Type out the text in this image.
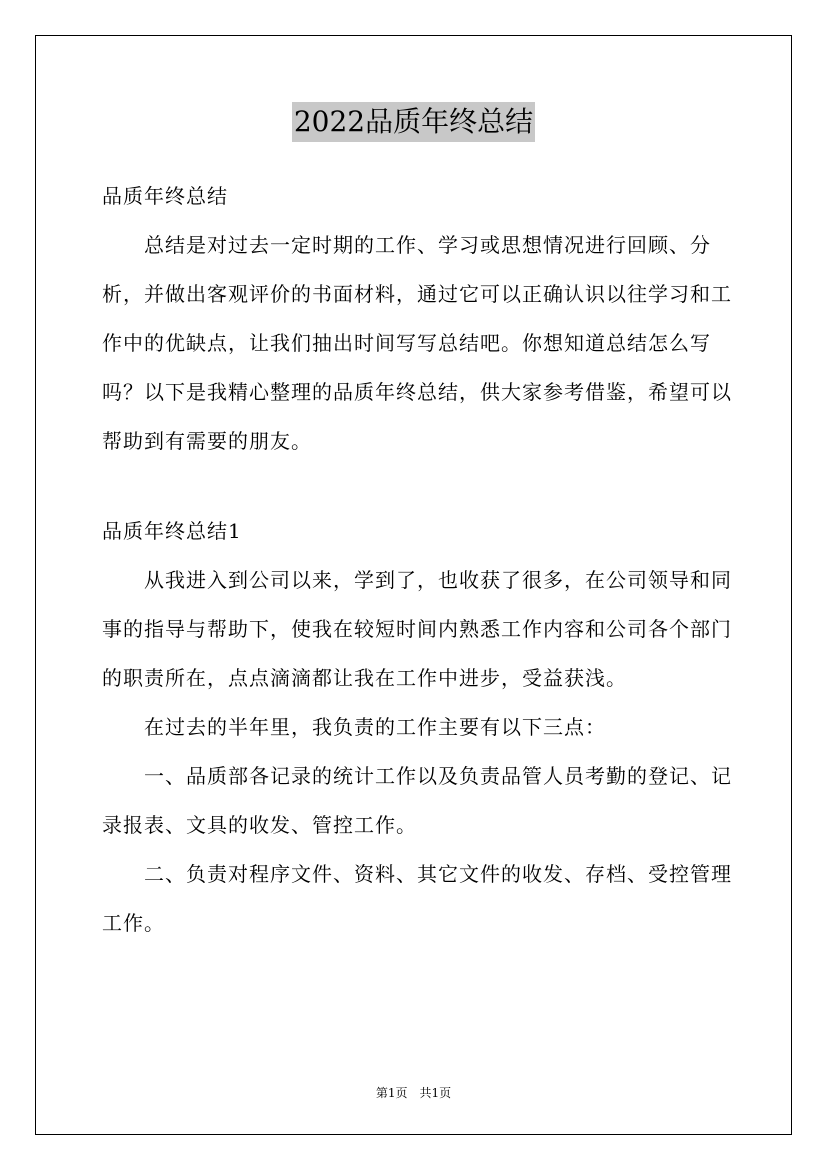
2022品质年终总结

品质年终总结

总结是对过去一定时期的工作、学习或思想情况进行回顾、分析，并做出客观评价的书面材料，通过它可以正确认识以往学习和工作中的优缺点，让我们抽出时间写写总结吧。你想知道总结怎么写吗？以下是我精心整理的品质年终总结，供大家参考借鉴，希望可以帮助到有需要的朋友。

品质年终总结1

从我进入到公司以来，学到了，也收获了很多，在公司领导和同事的指导与帮助下，使我在较短时间内熟悉工作内容和公司各个部门的职责所在，点点滴滴都让我在工作中进步，受益获浅。

在过去的半年里，我负责的工作主要有以下三点：

一、品质部各记录的统计工作以及负责品管人员考勤的登记、记录报表、文具的收发、管控工作。

二、负责对程序文件、资料、其它文件的收发、存档、受控管理工作。

第1页　共1页
